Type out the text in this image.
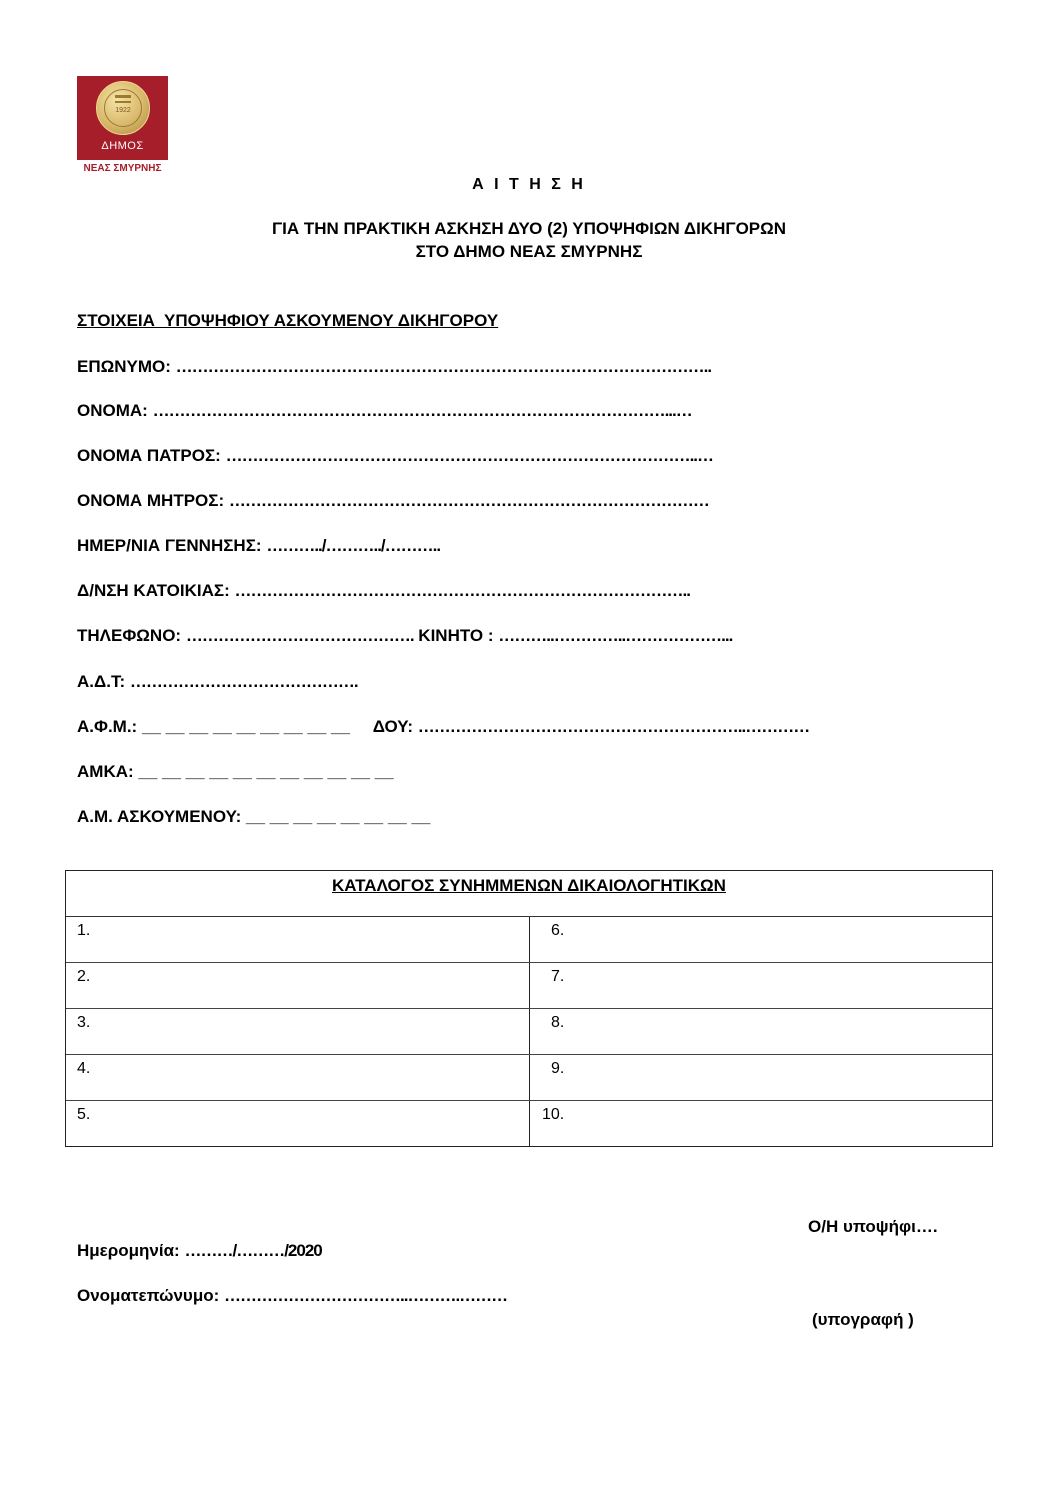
1922
ΔΗΜΟΣ
ΝΕΑΣ ΣΜΥΡΝΗΣ
Α Ι Τ Η Σ Η
ΓΙΑ ΤΗΝ ΠΡΑΚΤΙΚΗ ΑΣΚΗΣΗ ΔΥΟ (2) ΥΠΟΨΗΦΙΩΝ ΔΙΚΗΓΟΡΩΝ
ΣΤΟ ΔΗΜΟ ΝΕΑΣ ΣΜΥΡΝΗΣ
ΣΤΟΙΧΕΙΑ  ΥΠΟΨΗΦΙΟΥ ΑΣΚΟΥΜΕΝΟΥ ΔΙΚΗΓΟΡΟΥ
ΕΠΩΝΥΜΟ: ………………………………………………………………………………………..
ΟΝΟΜΑ: ……………………………………………………………………………………...…
ΟΝΟΜΑ ΠΑΤΡΟΣ: ……………………………………………………………………………..…
ΟΝΟΜΑ ΜΗΤΡΟΣ: ………………………………………………………………………………
ΗΜΕΡ/ΝΙΑ ΓΕΝΝΗΣΗΣ: ………../………../………..
Δ/ΝΣΗ ΚΑΤΟΙΚΙΑΣ: …………………………………………………………………………..
ΤΗΛΕΦΩΝΟ: ……………………………………. ΚΙΝΗΤΟ : ………..…………..………………...
Α.Δ.Τ: …………………………………….
Α.Φ.Μ.: __ __ __ __ __ __ __ __ __ ΔΟΥ: ……………………………………………………..…………
ΑΜΚΑ: __ __ __ __ __ __ __ __ __ __ __
Α.Μ. ΑΣΚΟΥΜΕΝΟΥ: __ __ __ __ __ __ __ __
ΚΑΤΑΛΟΓΟΣ ΣΥΝΗΜΜΕΝΩΝ ΔΙΚΑΙΟΛΟΓΗΤΙΚΩΝ
1.	6.
2.	7.
3.	8.
4.	9.
5.	10.
Ο/Η υποψήφι….
Ημερομηνία: ………/………/2020
Ονοματεπώνυμο: ……………………………..……….………
(υπογραφή )
